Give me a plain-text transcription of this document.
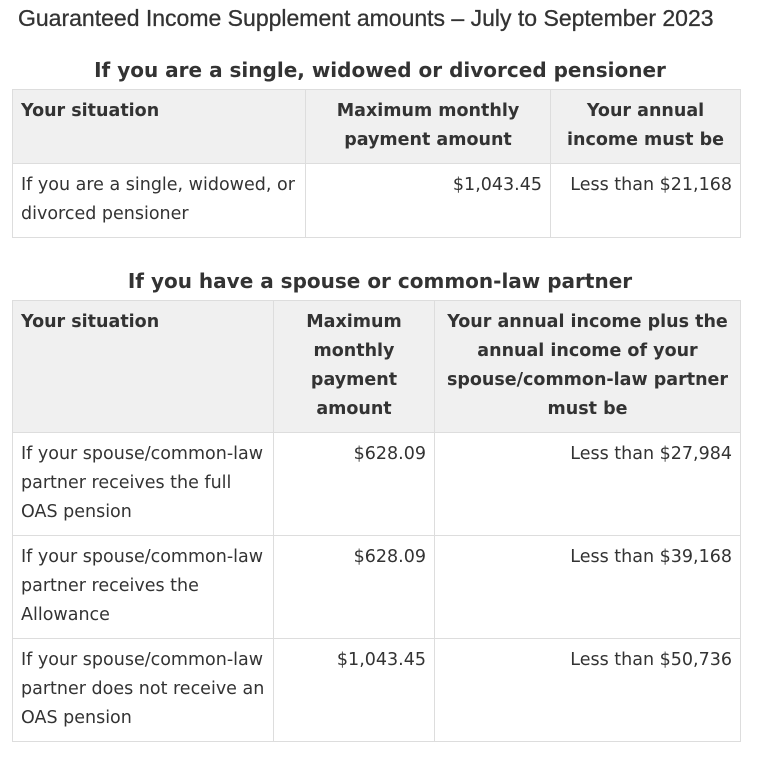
Guaranteed Income Supplement amounts – July to September 2023
If you are a single, widowed or divorced pensioner
Your situation	Maximum monthly payment amount	Your annual income must be
If you are a single, widowed, or divorced pensioner	$1,043.45	Less than $21,168
If you have a spouse or common-law partner
Your situation	Maximum monthly payment amount	Your annual income plus the annual income of your spouse/common-law partner must be
If your spouse/common-law partner receives the full OAS pension	$628.09	Less than $27,984
If your spouse/common-law partner receives the Allowance	$628.09	Less than $39,168
If your spouse/common-law partner does not receive an OAS pension	$1,043.45	Less than $50,736
